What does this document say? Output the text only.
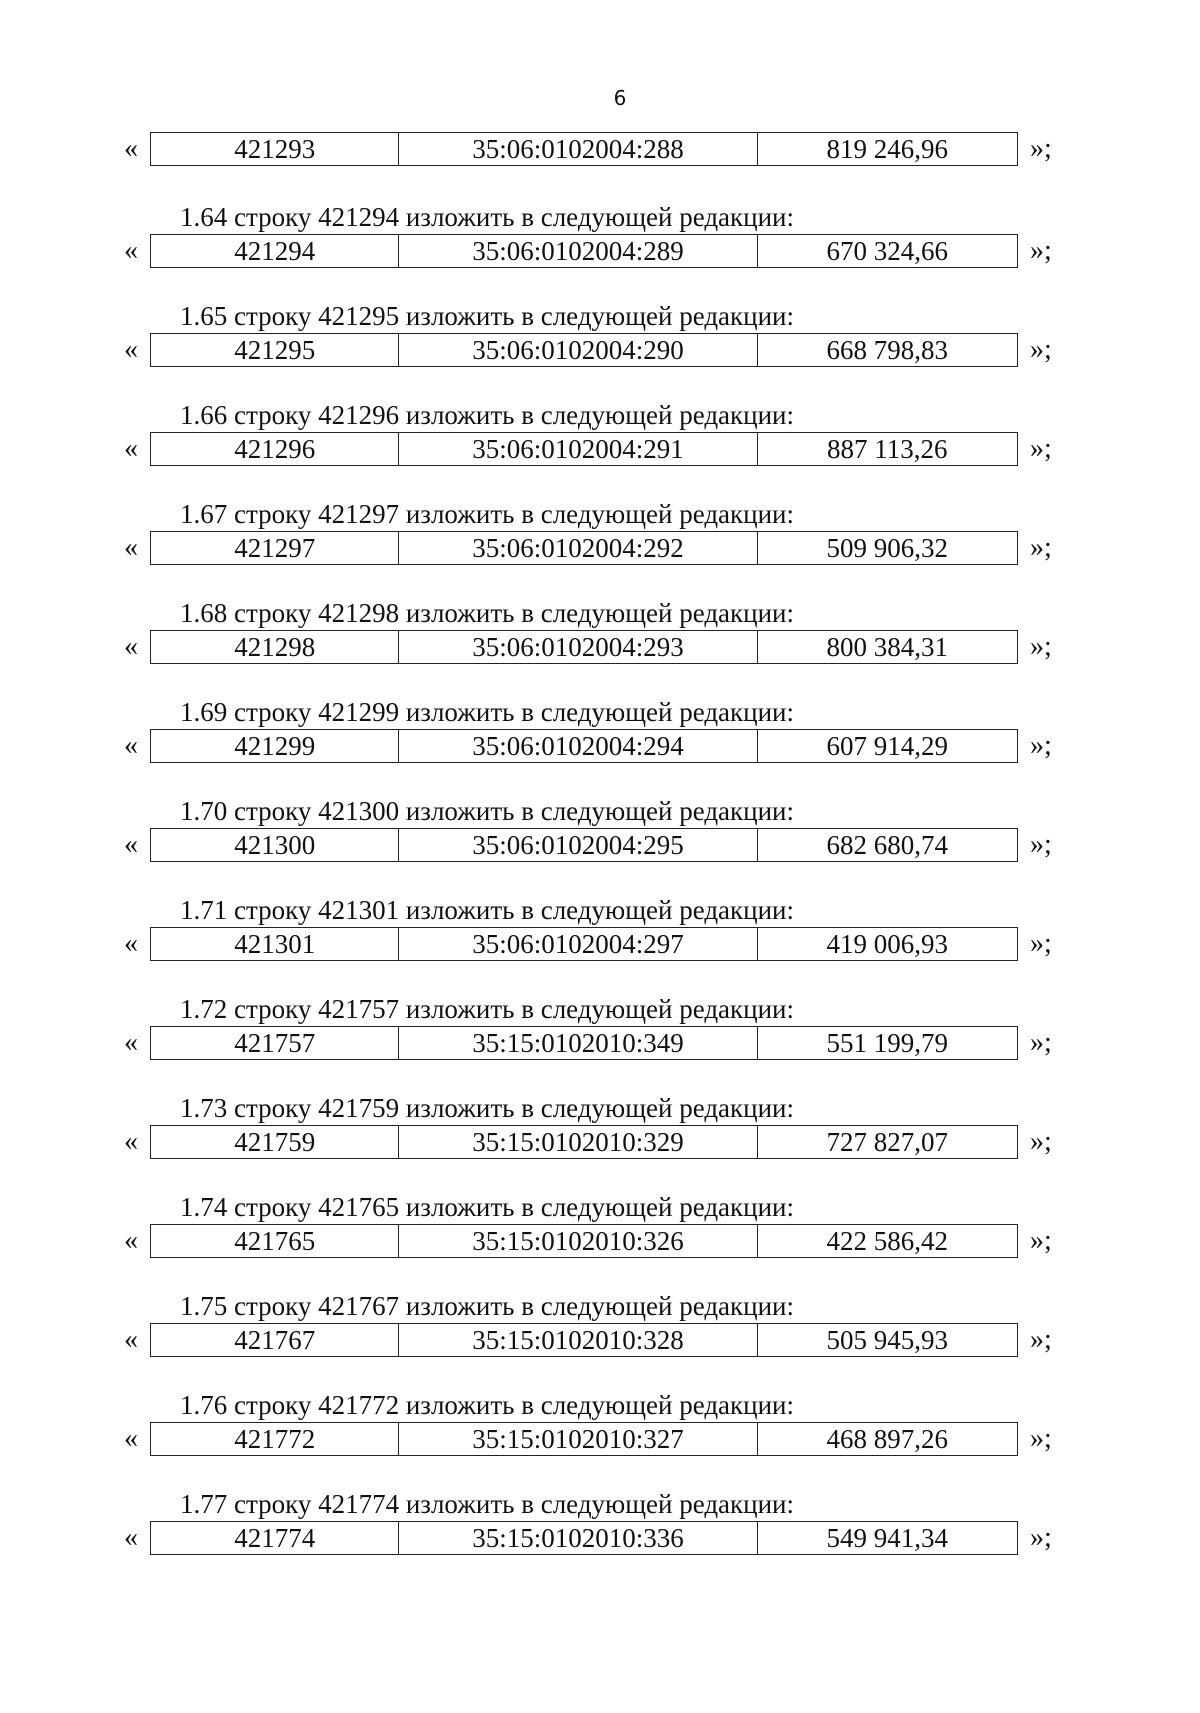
6
«	421293	35:06:0102004:288	819 246,96	»;
1.64 строку 421294 изложить в следующей редакции:
«	421294	35:06:0102004:289	670 324,66	»;
1.65 строку 421295 изложить в следующей редакции:
«	421295	35:06:0102004:290	668 798,83	»;
1.66 строку 421296 изложить в следующей редакции:
«	421296	35:06:0102004:291	887 113,26	»;
1.67 строку 421297 изложить в следующей редакции:
«	421297	35:06:0102004:292	509 906,32	»;
1.68 строку 421298 изложить в следующей редакции:
«	421298	35:06:0102004:293	800 384,31	»;
1.69 строку 421299 изложить в следующей редакции:
«	421299	35:06:0102004:294	607 914,29	»;
1.70 строку 421300 изложить в следующей редакции:
«	421300	35:06:0102004:295	682 680,74	»;
1.71 строку 421301 изложить в следующей редакции:
«	421301	35:06:0102004:297	419 006,93	»;
1.72 строку 421757 изложить в следующей редакции:
«	421757	35:15:0102010:349	551 199,79	»;
1.73 строку 421759 изложить в следующей редакции:
«	421759	35:15:0102010:329	727 827,07	»;
1.74 строку 421765 изложить в следующей редакции:
«	421765	35:15:0102010:326	422 586,42	»;
1.75 строку 421767 изложить в следующей редакции:
«	421767	35:15:0102010:328	505 945,93	»;
1.76 строку 421772 изложить в следующей редакции:
«	421772	35:15:0102010:327	468 897,26	»;
1.77 строку 421774 изложить в следующей редакции:
«	421774	35:15:0102010:336	549 941,34	»;
